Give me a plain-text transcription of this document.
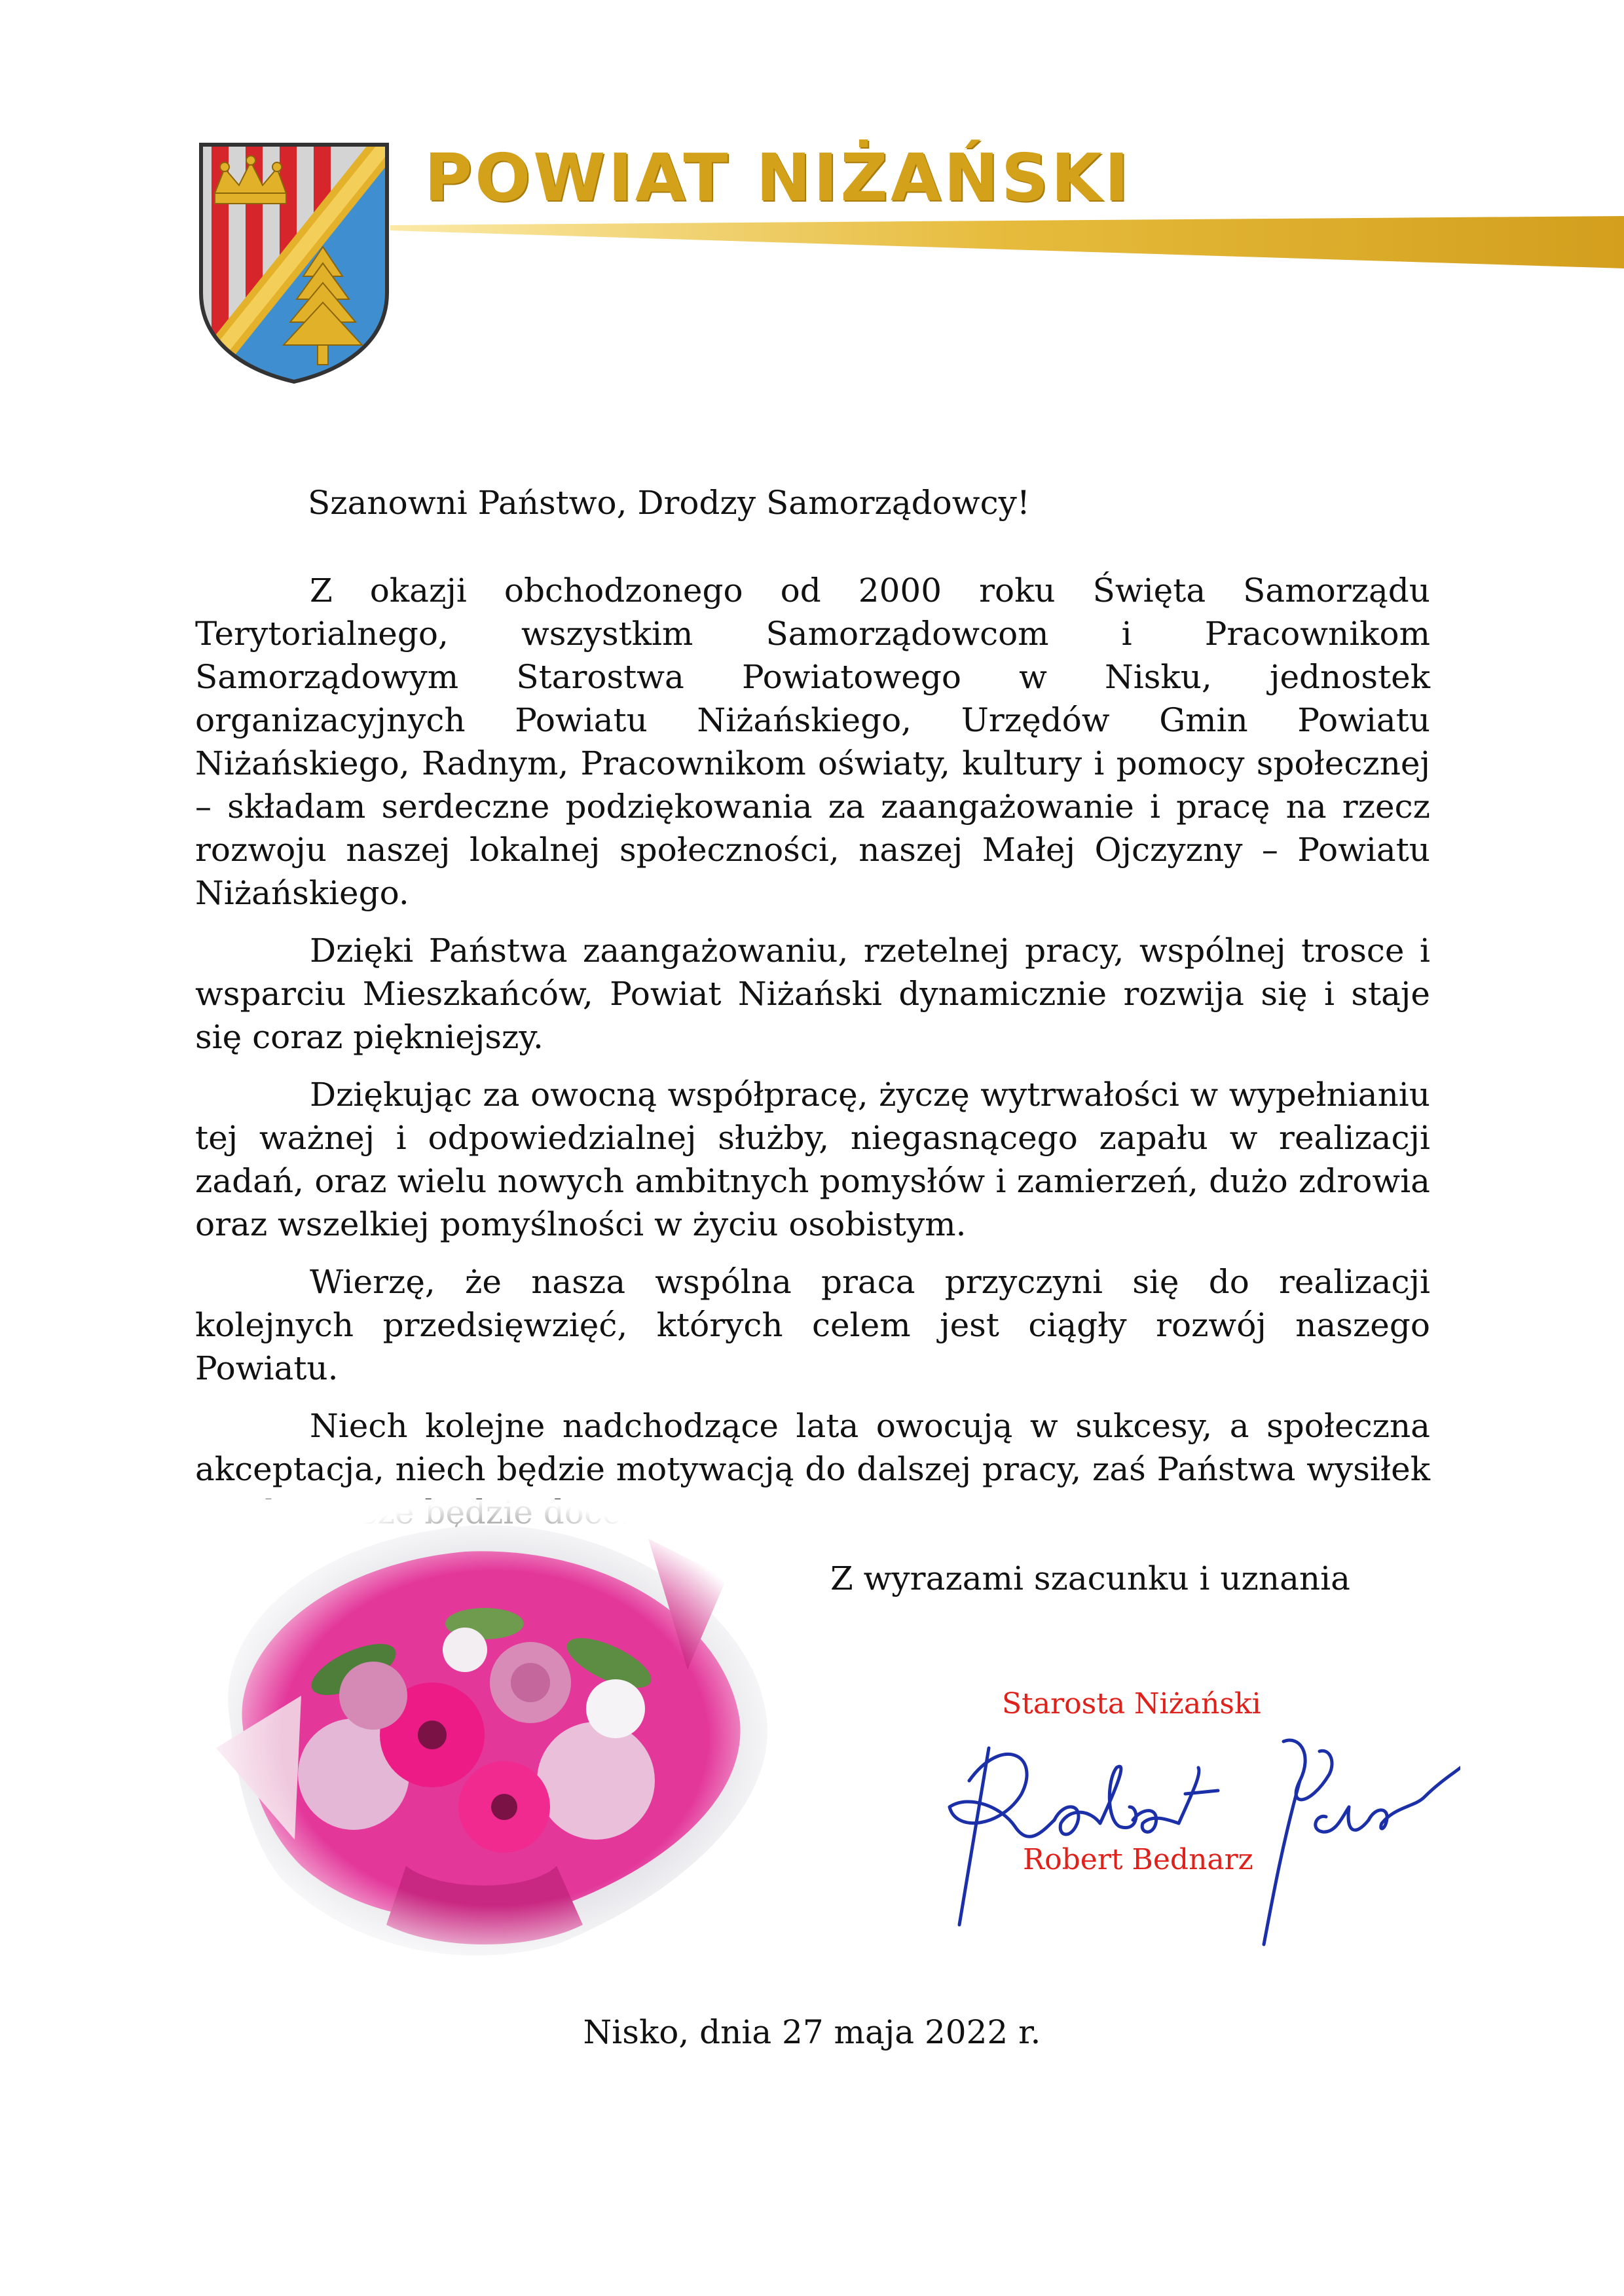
POWIAT NIŻAŃSKI

Szanowni Państwo, Drodzy Samorządowcy!

Z okazji obchodzonego od 2000 roku Święta Samorządu Terytorialnego, wszystkim Samorządowcom i Pracownikom Samorządowym Starostwa Powiatowego w Nisku, jednostek organizacyjnych Powiatu Niżańskiego, Urzędów Gmin Powiatu Niżańskiego, Radnym, Pracownikom oświaty, kultury i pomocy społecznej – składam serdeczne podziękowania za zaangażowanie i pracę na rzecz rozwoju naszej lokalnej społeczności, naszej Małej Ojczyzny – Powiatu Niżańskiego.

Dzięki Państwa zaangażowaniu, rzetelnej pracy, wspólnej trosce i wsparciu Mieszkańców, Powiat Niżański dynamicznie rozwija się i staje się coraz piękniejszy.

Dziękując za owocną współpracę, życzę wytrwałości w wypełnianiu tej ważnej i odpowiedzialnej służby, niegasnącego zapału w realizacji zadań, oraz wielu nowych ambitnych pomysłów i zamierzeń, dużo zdrowia oraz wszelkiej pomyślności w życiu osobistym.

Wierzę, że nasza wspólna praca przyczyni się do realizacji kolejnych przedsięwzięć, których celem jest ciągły rozwój naszego Powiatu.

Niech kolejne nadchodzące lata owocują w sukcesy, a społeczna akceptacja, niech będzie motywacją do dalszej pracy, zaś Państwa wysiłek

Z wyrazami szacunku i uznania
Starosta Niżański
Robert Bednarz
Nisko, dnia 27 maja 2022 r.
